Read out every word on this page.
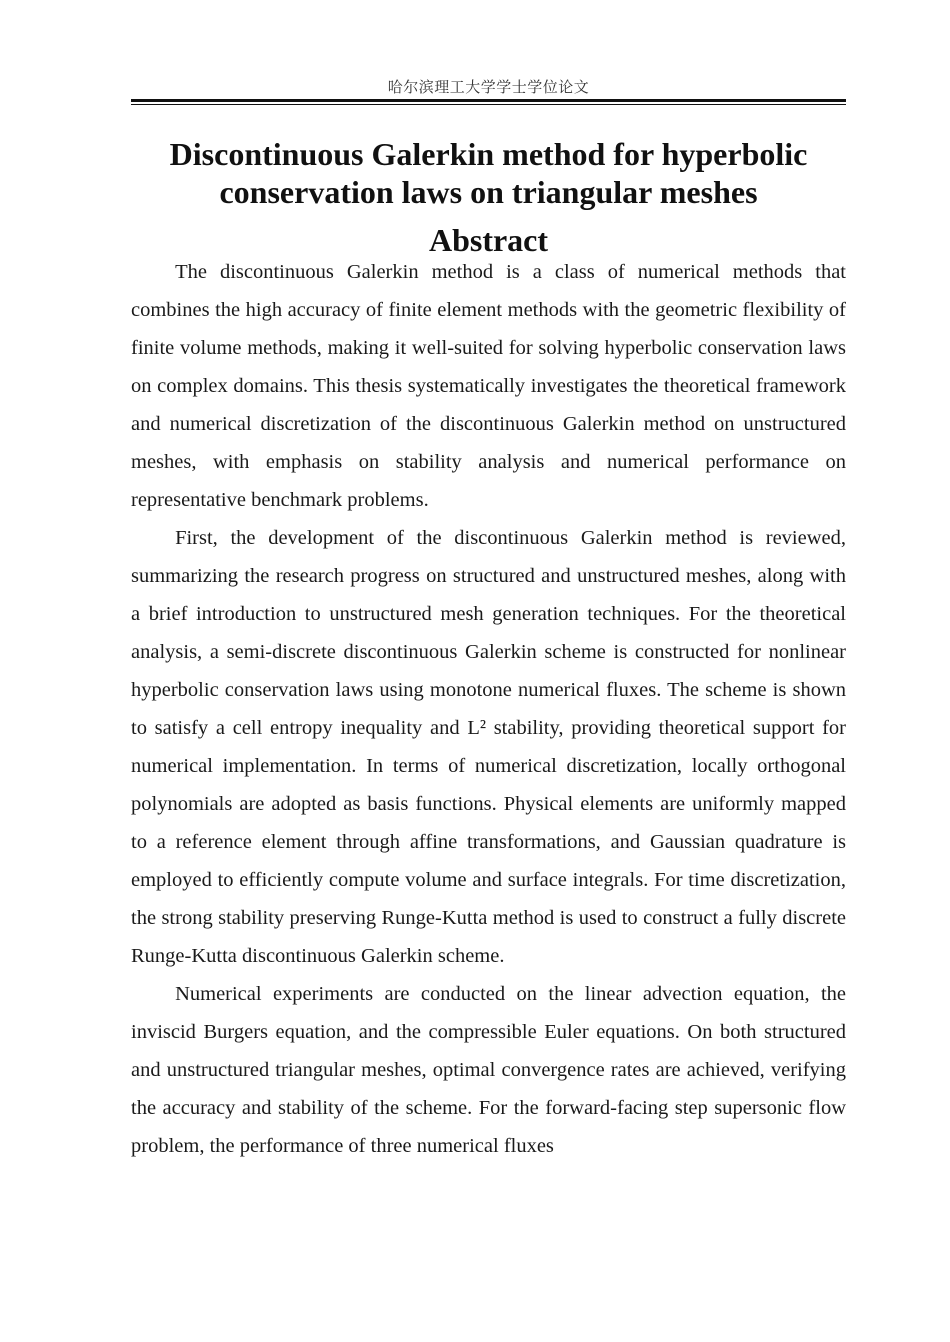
哈尔滨理工大学学士学位论文
Discontinuous Galerkin method for hyperbolic
conservation laws on triangular meshes
Abstract

The discontinuous Galerkin method is a class of numerical methods that combines the high accuracy of finite element methods with the geometric flexibility of finite volume methods, making it well-suited for solving hyperbolic conservation laws on complex domains. This thesis systematically investigates the theoretical framework and numerical discretization of the discontinuous Galerkin method on unstructured meshes, with emphasis on stability analysis and numerical performance on representative benchmark problems.

First, the development of the discontinuous Galerkin method is reviewed, summarizing the research progress on structured and unstructured meshes, along with a brief introduction to unstructured mesh generation techniques. For the theoretical analysis, a semi-discrete discontinuous Galerkin scheme is constructed for nonlinear hyperbolic conservation laws using monotone numerical fluxes. The scheme is shown to satisfy a cell entropy inequality and L² stability, providing theoretical support for numerical implementation. In terms of numerical discretization, locally orthogonal polynomials are adopted as basis functions. Physical elements are uniformly mapped to a reference element through affine transformations, and Gaussian quadrature is employed to efficiently compute volume and surface integrals. For time discretization, the strong stability preserving Runge-Kutta method is used to construct a fully discrete Runge-Kutta discontinuous Galerkin scheme.

Numerical experiments are conducted on the linear advection equation, the inviscid Burgers equation, and the compressible Euler equations. On both structured and unstructured triangular meshes, optimal convergence rates are achieved, verifying the accuracy and stability of the scheme. For the forward-facing step supersonic flow problem, the performance of three numerical fluxes
